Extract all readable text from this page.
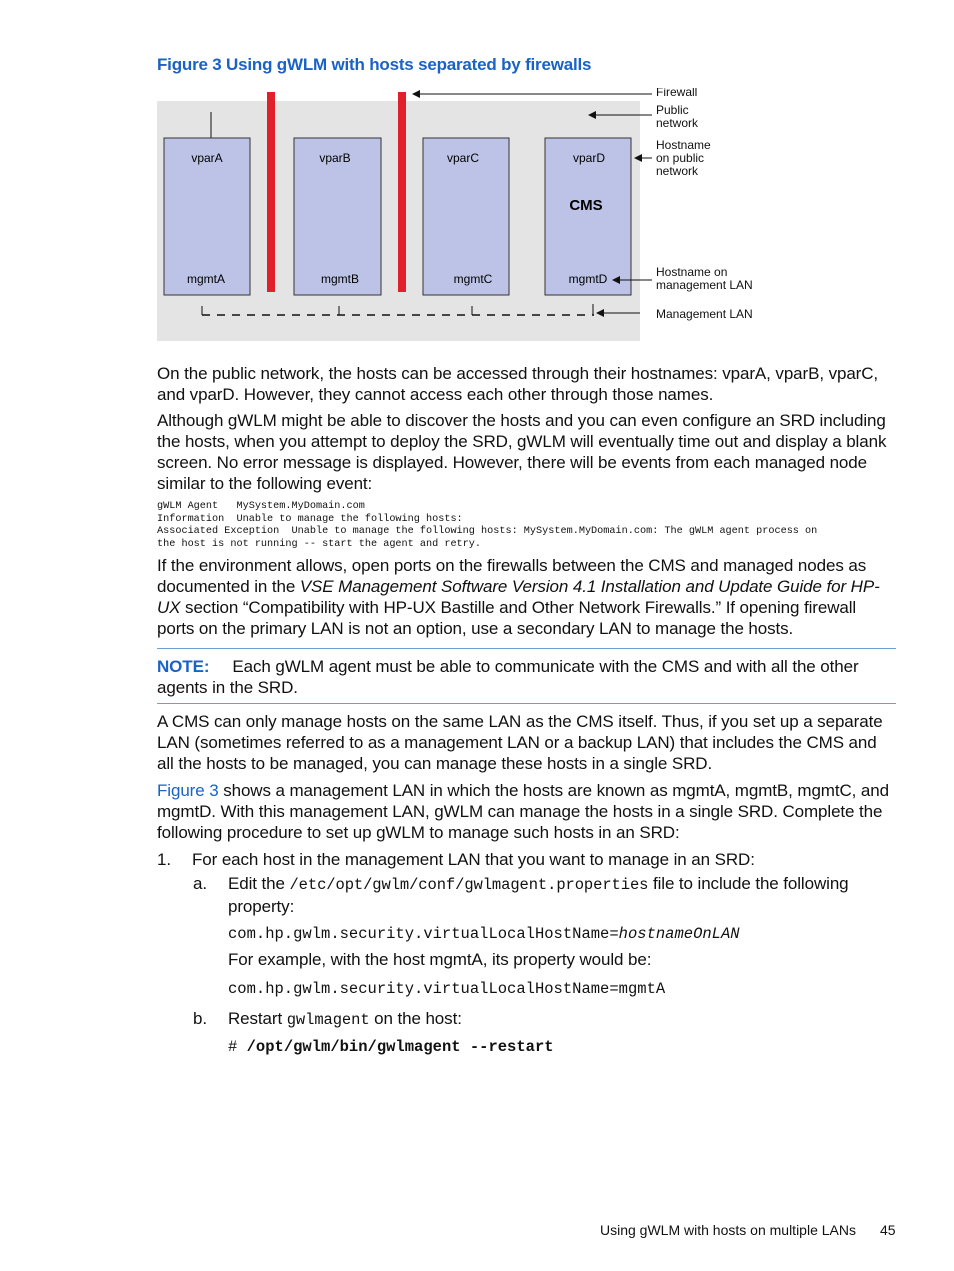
Figure 3 Using gWLM with hosts separated by firewalls
vparA
mgmtA
vparB
mgmtB
vparC
mgmtC
vparD
CMS
mgmtD
Firewall
Public
network
Hostname
on public
network
Hostname on
management LAN
Management LAN
On the public network, the hosts can be accessed through their hostnames: vparA, vparB, vparC, and vparD. However, they cannot access each other through those names.
Although gWLM might be able to discover the hosts and you can even configure an SRD including the hosts, when you attempt to deploy the SRD, gWLM will eventually time out and display a blank screen. No error message is displayed. However, there will be events from each managed node similar to the following event:
gWLM Agent   MySystem.MyDomain.com
Information  Unable to manage the following hosts:
Associated Exception  Unable to manage the following hosts: MySystem.MyDomain.com: The gWLM agent process on
the host is not running -- start the agent and retry.
If the environment allows, open ports on the firewalls between the CMS and managed nodes as documented in the VSE Management Software Version 4.1 Installation and Update Guide for HP-UX section “Compatibility with HP-UX Bastille and Other Network Firewalls.” If opening firewall ports on the primary LAN is not an option, use a secondary LAN to manage the hosts.
NOTE: Each gWLM agent must be able to communicate with the CMS and with all the other agents in the SRD.
A CMS can only manage hosts on the same LAN as the CMS itself. Thus, if you set up a separate LAN (sometimes referred to as a management LAN or a backup LAN) that includes the CMS and all the hosts to be managed, you can manage these hosts in a single SRD.
Figure 3 shows a management LAN in which the hosts are known as mgmtA, mgmtB, mgmtC, and mgmtD. With this management LAN, gWLM can manage the hosts in a single SRD. Complete the following procedure to set up gWLM to manage such hosts in an SRD:
1. For each host in the management LAN that you want to manage in an SRD:
a.	Edit the /etc/opt/gwlm/conf/gwlmagent.properties file to include the following property:
com.hp.gwlm.security.virtualLocalHostName=hostnameOnLAN
For example, with the host mgmtA, its property would be:
com.hp.gwlm.security.virtualLocalHostName=mgmtA
b.	Restart gwlmagent on the host:
# /opt/gwlm/bin/gwlmagent --restart
Using gWLM with hosts on multiple LANs 45
